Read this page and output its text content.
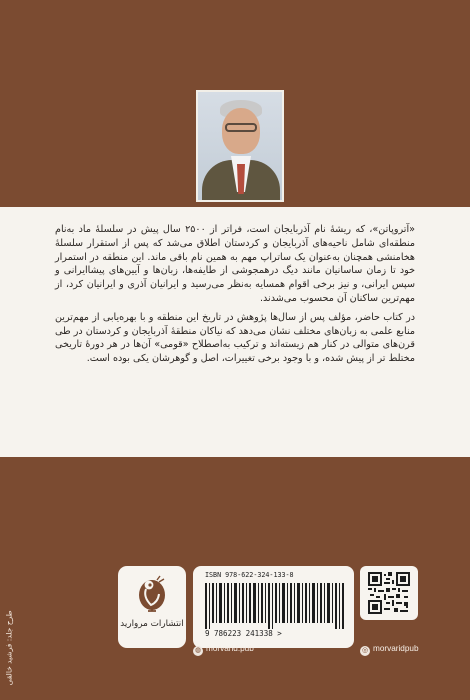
«آتروپاتن»، که ریشهٔ نام آذربایجان است، فراتر از ۲۵۰۰ سال پیش در سلسلهٔ ماد به‌نام منطقه‌ای شامل ناحیه‌های آذربایجان و کردستان اطلاق می‌شد که پس از استقرار سلسلهٔ هخامنشی همچنان به‌عنوان یک ساتراپ مهم به همین نام باقی ماند. این منطقه در استمرار خود تا زمان ساسانیان مانند دیگ درهمجوشی از طایفه‌ها، زبان‌ها و آیین‌های پیشاایرانی و سپس ایرانی، و نیز برخی اقوام همسایه به‌نظر می‌رسید و ایرانیان آذری و ایرانیان کرد، از مهم‌ترین ساکنان آن محسوب می‌شدند.

در کتاب حاضر، مؤلف پس از سال‌ها پژوهش در تاریخ این منطقه و با بهره‌یابی از مهم‌ترین منابع علمی به زبان‌های مختلف نشان می‌دهد که نیاکان منطقهٔ آذربایجان و کردستان در طی قرن‌های متوالی در کنار هم زیسته‌اند و ترکیب به‌اصطلاح «قومی» آن‌ها در هر دورهٔ تاریخی مختلط تر از پیش شده، و با وجود برخی تغییرات، اصل و گوهرشان یکی بوده است.

طرح جلد: فرشید خالقی	انتشارات مروارید
ISBN 978-622-324-133-8
9 786223 241338 >
◍ morvarid.pub	◎ morvaridpub
